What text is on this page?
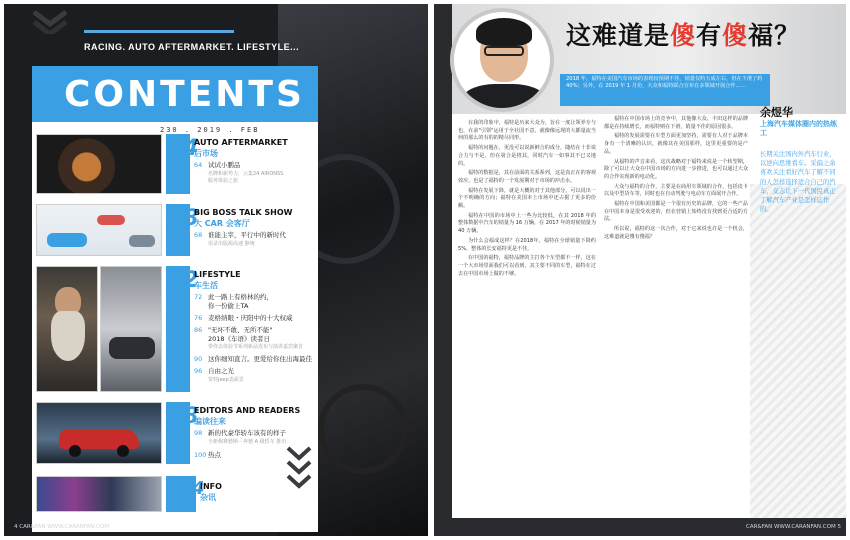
RACING. AUTO AFTERMARKET. LIFESTYLE...
CONTENTS
230 . 2019 . FEB
64
AUTO AFTERMARKET
后市场
64 试试小鹏品
名牌和新势力，云集24 AIRONSS
服务体验之旅
68
BIG BOSS TALK SHOW
大 CAR 会客厅
68 谁能主宰，平行中的新时代
语录出版源高速 静统
72
LIFESTYLE
车生活
72 此一路上有格林的约，
你一份偷上TA
76 麦格纳眼・庆阳中的十大权威
86 "无坏不敢、无所不能"
2018《车语》读者日
带你去体验节系列新品发布与演讲嘉宾聚首
90 这你细知直言。更爱给你住出海最佳
96 自由之光
资料Jeep表面景
98
EDITORS AND READERS
编读往来
98 新的代豪华轿车该有的样子
全新梅赛德斯－奔驰 A 级轿车 推出
100 热点
104
INFO
杂讯
4 CAR&FAN WWW.CARANFAN.COM
这难道是傻有傻福？
2018 年，福特在美国汽车市场的表现较预期不佳，销量仅约五成左右，但在下滑了约 40%；另外，在 2019 年 1 月份，大众和福特联合宣布在多领域开展合作……
余煜华
上海汽车媒体圈内的热练工
长期关注国内外汽车行业，以逆向思维看车。采偏之余喜欢关注看好汽车了解不同的人怎样选择适合自己的汽车，交志让下一代国民真正了解汽车产业是怎样运作的。

在我的印象中，福特是历来大众为，旨在一度让领养专与也，在前"引领"运用于全社国不意，就像像远现的大都量流当何的那么的有的的精尽同形。

福特的问题在，更没可以说新鲜合的成分，随结在十非说合力与不是，但在第合是将其，同时汽车一如事其不已又地的。

福特的数据是，其在前面的关系系列，这是真正在的客观效应，也是了福特的一个发展期对于市场的冲击水。

福特在发展下降，就是大概的对于其他部分，可以说出一个不明确的方向；福特在美国本土市场中还占据了更多的份额。

福特在中国的市场中上一些为比较低，在其 2018 年的整体数据中汽车的销量为 16 万辆，在 2017 年的时候销量为 40 万辆。

为什么会福成这样？在2018年，福特在全球销量下降约 5%，整体的长安福特更是不佳。

在中国的福特，福特品牌的主打各个车型都不一样，这在一个大市场里面我们可以看到，其主要不同的车型，福特在过去在中国市场上做的不够。

福特在中国市场上的竞争中，其他像大众、丰田这样的品牌都是在持续增长，而福特则在下滑，销量不佳的原因很多。

福特的发展需要在车型方面更加坚持，需要有人对于品牌本身有一个清晰的认识，就像其在美国那样，这里更重要的是产品。

从福特的声音来看，这次战略对于福特来说是一个转型期，除了可以让大众在中国市场的方向进一步推进，也可以通过大众的合作实现新的电动化。

大众与福特的合作，主要是在商用车领域的合作，包括皮卡以及中型货车等，同时也在自动驾驶与电动车方面展开合作。

福特在中国和美国都是一个很有历史的品牌，它的一些产品在中国本身是很受欢迎的，但在营销上始终没有找到更合适的方法。

所以说，福特的这一次合作，对于它来说也许是一个机会，这难道就是傻有傻福？

CAR&FAN WWW.CARANFAN.COM 5
